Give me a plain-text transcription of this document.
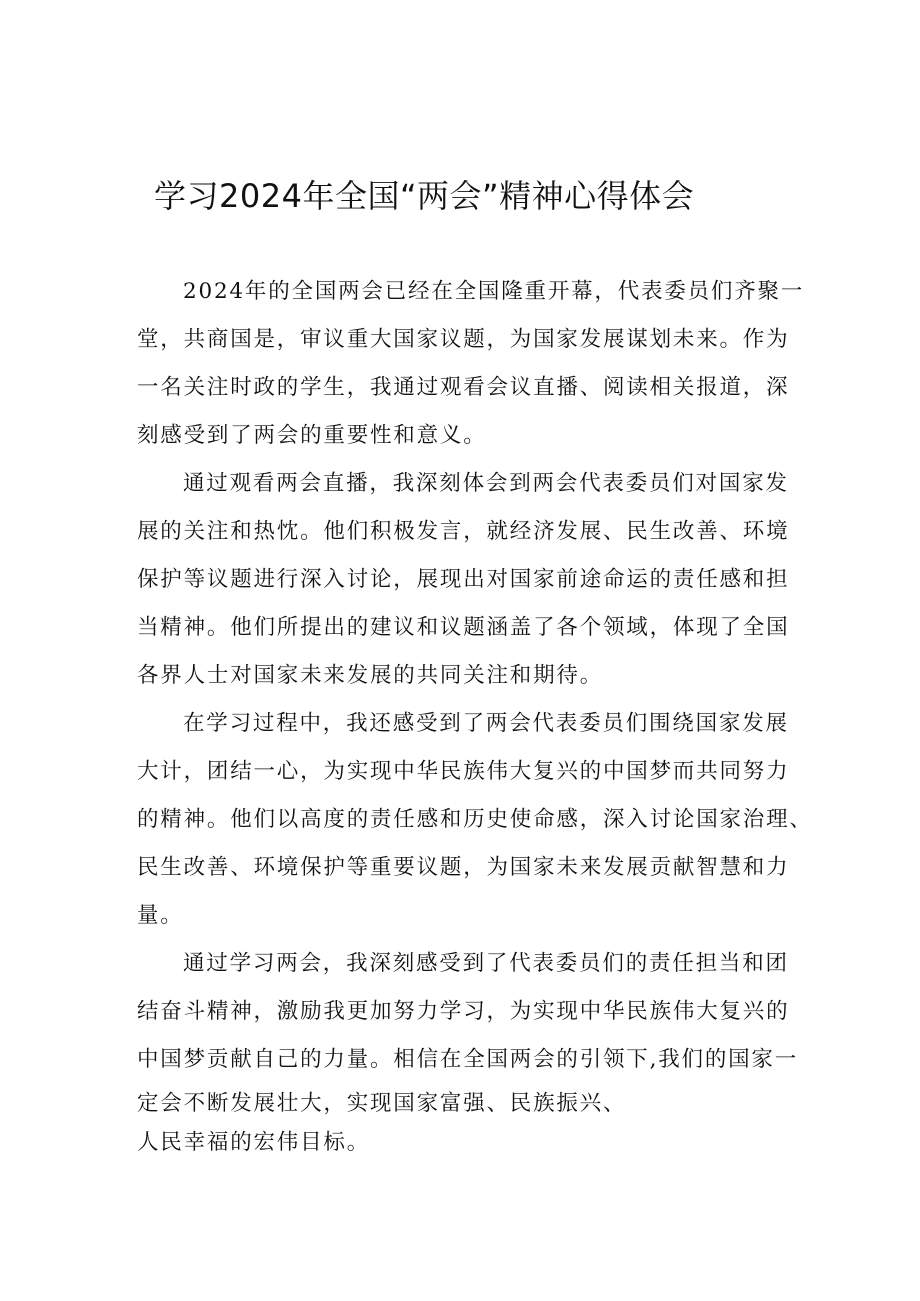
学习2024年全国“两会”精神心得体会

2024年的全国两会已经在全国隆重开幕，代表委员们齐聚一
堂，共商国是，审议重大国家议题，为国家发展谋划未来。作为
一名关注时政的学生，我通过观看会议直播、阅读相关报道，深
刻感受到了两会的重要性和意义。

通过观看两会直播，我深刻体会到两会代表委员们对国家发
展的关注和热忱。他们积极发言，就经济发展、民生改善、环境
保护等议题进行深入讨论，展现出对国家前途命运的责任感和担
当精神。他们所提出的建议和议题涵盖了各个领域，体现了全国
各界人士对国家未来发展的共同关注和期待。

在学习过程中，我还感受到了两会代表委员们围绕国家发展
大计，团结一心，为实现中华民族伟大复兴的中国梦而共同努力
的精神。他们以高度的责任感和历史使命感，深入讨论国家治理、
民生改善、环境保护等重要议题，为国家未来发展贡献智慧和力
量。

通过学习两会，我深刻感受到了代表委员们的责任担当和团
结奋斗精神，激励我更加努力学习，为实现中华民族伟大复兴的
中国梦贡献自己的力量。相信在全国两会的引领下,我们的国家一
定会不断发展壮大，实现国家富强、民族振兴、
人民幸福的宏伟目标。
